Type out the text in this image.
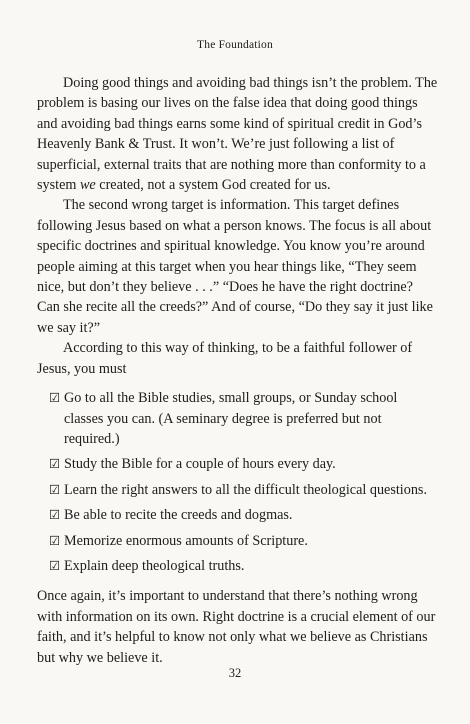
The Foundation

Doing good things and avoiding bad things isn’t the problem. The problem is basing our lives on the false idea that doing good things and avoiding bad things earns some kind of spiritual credit in God’s Heavenly Bank & Trust. It won’t. We’re just following a list of superficial, external traits that are nothing more than conformity to a system we created, not a system God created for us.

The second wrong target is information. This target defines following Jesus based on what a person knows. The focus is all about specific doctrines and spiritual knowledge. You know you’re around people aiming at this target when you hear things like, “They seem nice, but don’t they believe . . .” “Does he have the right doctrine? Can she recite all the creeds?” And of course, “Do they say it just like we say it?”

According to this way of thinking, to be a faithful follower of Jesus, you must

☑ Go to all the Bible studies, small groups, or Sunday school classes you can. (A seminary degree is preferred but not required.)
☑ Study the Bible for a couple of hours every day.
☑ Learn the right answers to all the difficult theological questions.
☑ Be able to recite the creeds and dogmas.
☑ Memorize enormous amounts of Scripture.
☑ Explain deep theological truths.

Once again, it’s important to understand that there’s nothing wrong with information on its own. Right doctrine is a crucial element of our faith, and it’s helpful to know not only what we believe as Christians but why we believe it.

32
